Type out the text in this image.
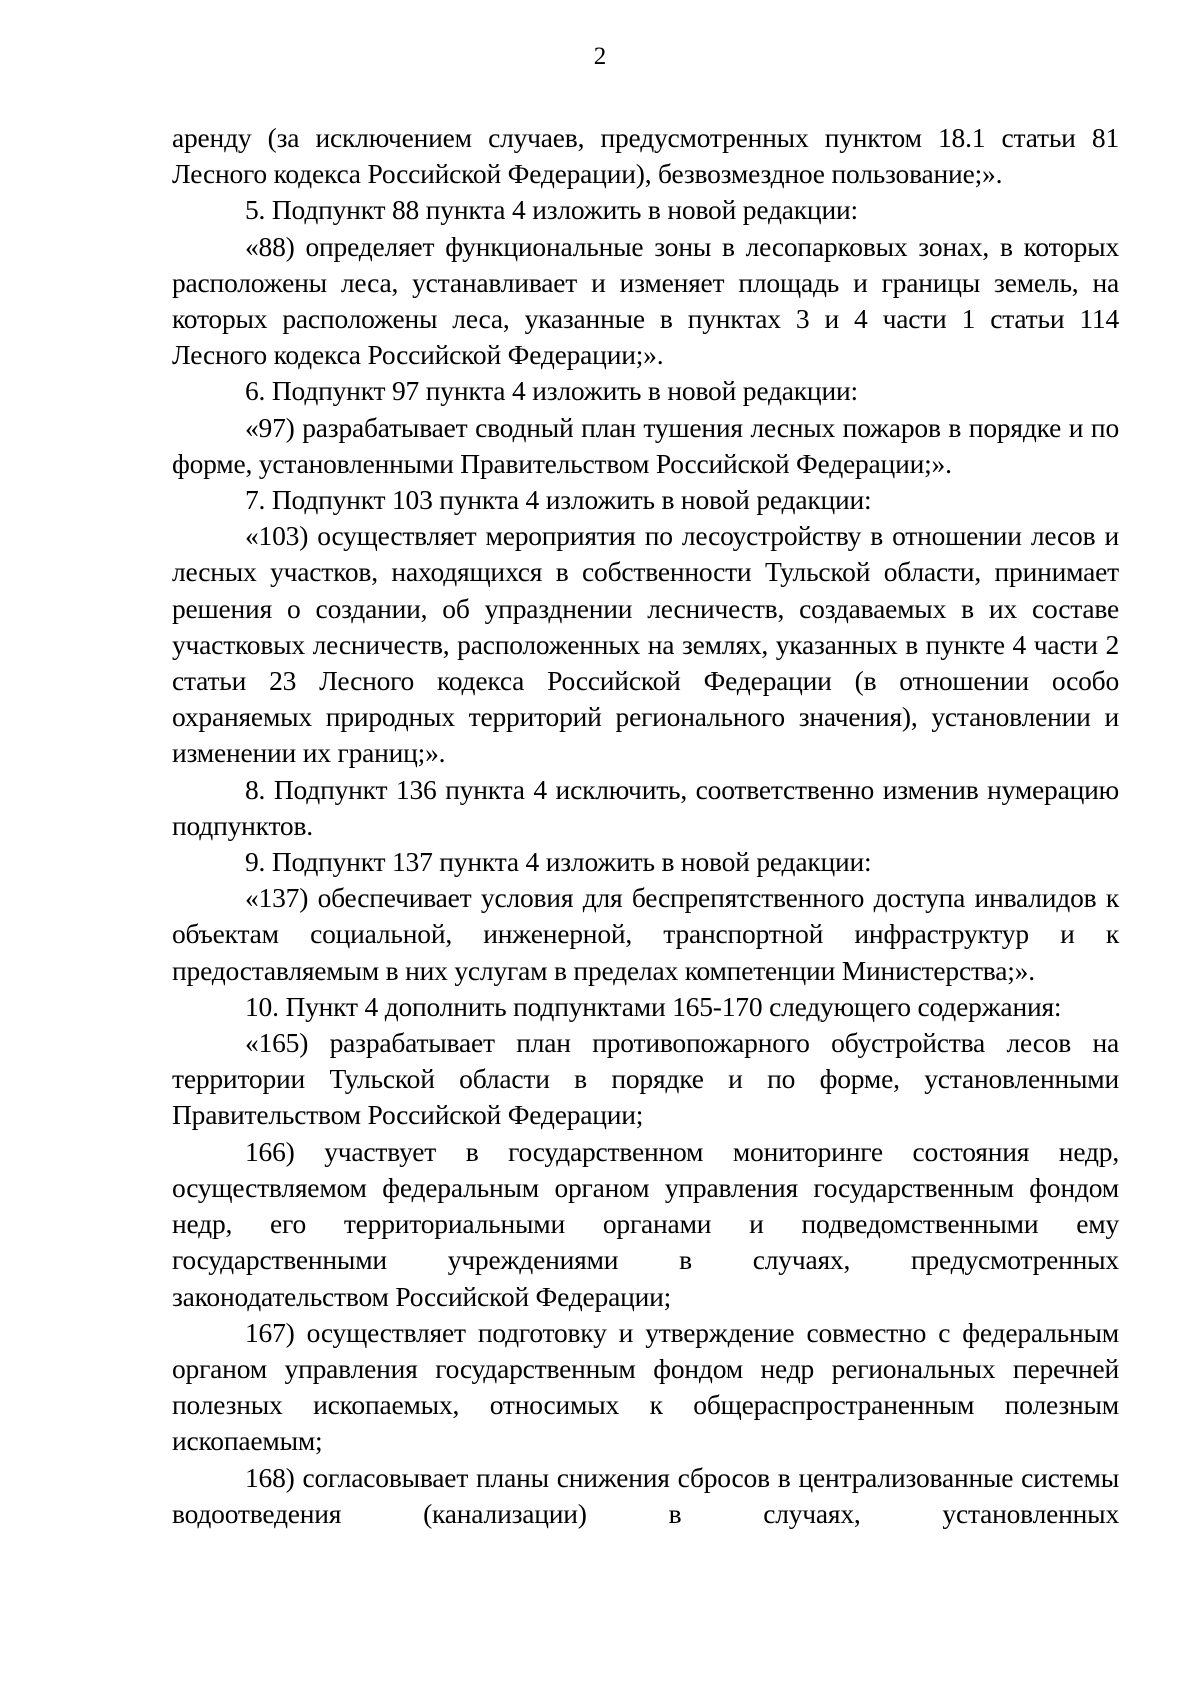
2

аренду (за исключением случаев, предусмотренных пунктом 18.1 статьи 81 Лесного кодекса Российской Федерации), безвозмездное пользование;».

5. Подпункт 88 пункта 4 изложить в новой редакции:

«88) определяет функциональные зоны в лесопарковых зонах, в которых расположены леса, устанавливает и изменяет площадь и границы земель, на которых расположены леса, указанные в пунктах 3 и 4 части 1 статьи 114 Лесного кодекса Российской Федерации;».

6. Подпункт 97 пункта 4 изложить в новой редакции:

«97) разрабатывает сводный план тушения лесных пожаров в порядке и по форме, установленными Правительством Российской Федерации;».

7. Подпункт 103 пункта 4 изложить в новой редакции:

«103) осуществляет мероприятия по лесоустройству в отношении лесов и лесных участков, находящихся в собственности Тульской области, принимает решения о создании, об упразднении лесничеств, создаваемых в их составе участковых лесничеств, расположенных на землях, указанных в пункте 4 части 2 статьи 23 Лесного кодекса Российской Федерации (в отношении особо охраняемых природных территорий регионального значения), установлении и изменении их границ;».

8. Подпункт 136 пункта 4 исключить, соответственно изменив нумерацию подпунктов.

9. Подпункт 137 пункта 4 изложить в новой редакции:

«137) обеспечивает условия для беспрепятственного доступа инвалидов к объектам социальной, инженерной, транспортной инфраструктур и к предоставляемым в них услугам в пределах компетенции Министерства;».

10. Пункт 4 дополнить подпунктами 165-170 следующего содержания:

«165) разрабатывает план противопожарного обустройства лесов на территории Тульской области в порядке и по форме, установленными Правительством Российской Федерации;

166) участвует в государственном мониторинге состояния недр, осуществляемом федеральным органом управления государственным фондом недр, его территориальными органами и подведомственными ему государственными учреждениями в случаях, предусмотренных законодательством Российской Федерации;

167) осуществляет подготовку и утверждение совместно с федеральным органом управления государственным фондом недр региональных перечней полезных ископаемых, относимых к общераспространенным полезным ископаемым;

168) согласовывает планы снижения сбросов в централизованные системы водоотведения (канализации) в случаях, установленных
